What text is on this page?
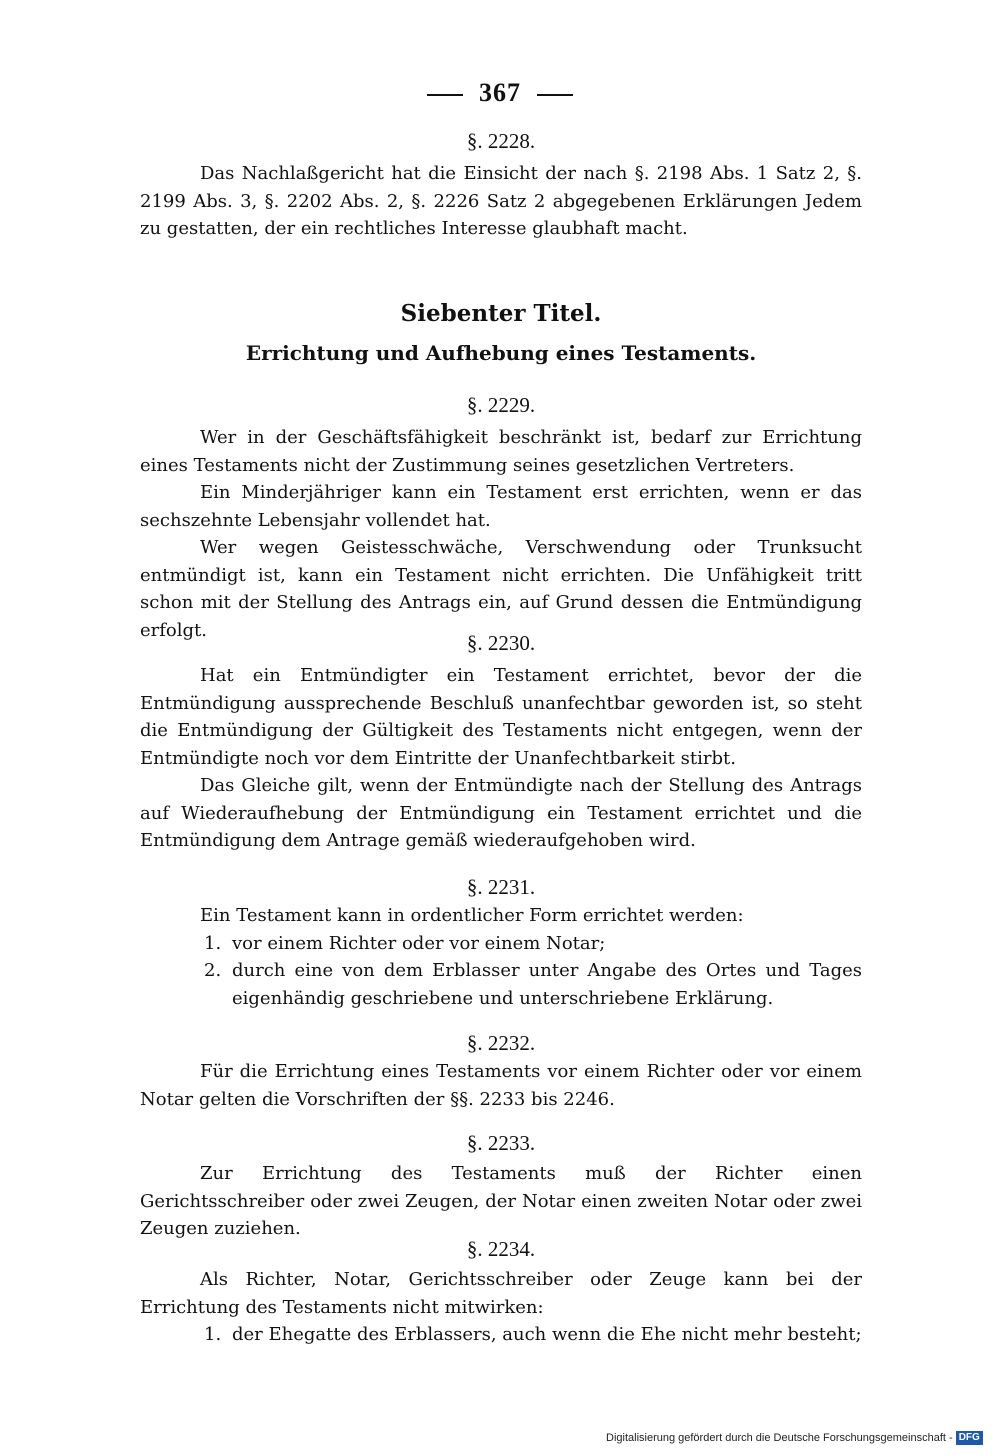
367
§. 2228.

Das Nachlaßgericht hat die Einsicht der nach §. 2198 Abs. 1 Satz 2, §. 2199 Abs. 3, §. 2202 Abs. 2, §. 2226 Satz 2 abgegebenen Erklärungen Jedem zu gestatten, der ein rechtliches Interesse glaubhaft macht.

Siebenter Titel.
Errichtung und Aufhebung eines Testaments.
§. 2229.

Wer in der Geschäftsfähigkeit beschränkt ist, bedarf zur Errichtung eines Testaments nicht der Zustimmung seines gesetzlichen Vertreters.

Ein Minderjähriger kann ein Testament erst errichten, wenn er das sechszehnte Lebensjahr vollendet hat.

Wer wegen Geistesschwäche, Verschwendung oder Trunksucht entmündigt ist, kann ein Testament nicht errichten. Die Unfähigkeit tritt schon mit der Stellung des Antrags ein, auf Grund dessen die Entmündigung erfolgt.

§. 2230.

Hat ein Entmündigter ein Testament errichtet, bevor der die Entmündigung aussprechende Beschluß unanfechtbar geworden ist, so steht die Entmündigung der Gültigkeit des Testaments nicht entgegen, wenn der Entmündigte noch vor dem Eintritte der Unanfechtbarkeit stirbt.

Das Gleiche gilt, wenn der Entmündigte nach der Stellung des Antrags auf Wiederaufhebung der Entmündigung ein Testament errichtet und die Entmündigung dem Antrage gemäß wiederaufgehoben wird.

§. 2231.

Ein Testament kann in ordentlicher Form errichtet werden:

1. vor einem Richter oder vor einem Notar;
2. durch eine von dem Erblasser unter Angabe des Ortes und Tages eigenhändig geschriebene und unterschriebene Erklärung.
§. 2232.

Für die Errichtung eines Testaments vor einem Richter oder vor einem Notar gelten die Vorschriften der §§. 2233 bis 2246.

§. 2233.

Zur Errichtung des Testaments muß der Richter einen Gerichtsschreiber oder zwei Zeugen, der Notar einen zweiten Notar oder zwei Zeugen zuziehen.

§. 2234.

Als Richter, Notar, Gerichtsschreiber oder Zeuge kann bei der Errichtung des Testaments nicht mitwirken:

1. der Ehegatte des Erblassers, auch wenn die Ehe nicht mehr besteht;
Digitalisierung gefördert durch die Deutsche Forschungsgemeinschaft - DFG
